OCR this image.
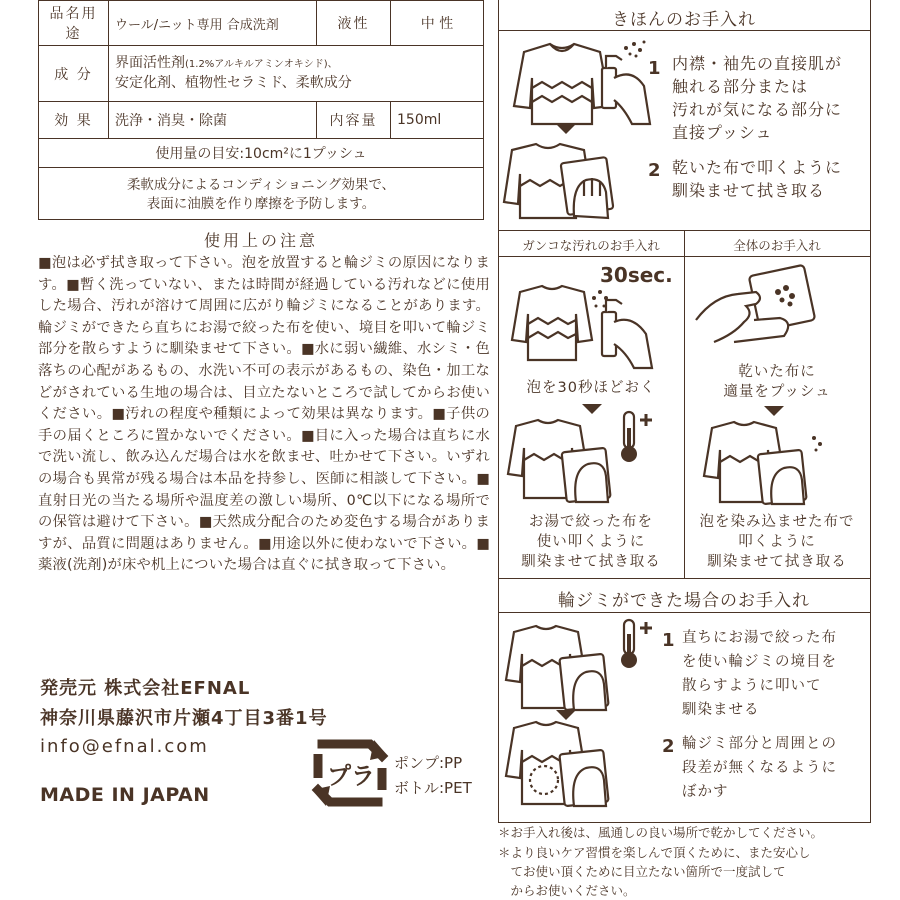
品名用途	ウール/ニット専用 合成洗剤	液性	中 性
成 分	界面活性剤(1.2%アルキルアミンオキシド)、
安定化剤、植物性セラミド、柔軟成分		
効 果	洗浄・消臭・除菌	内容量	150ml
使用量の目安:10cm²に1プッシュ			
柔軟成分によるコンディショニング効果で、
表面に油膜を作り摩擦を予防します。			
使用上の注意
■泡は必ず拭き取って下さい。泡を放置すると輪ジミの原因になります。■暫く洗っていない、または時間が経過している汚れなどに使用した場合、汚れが溶けて周囲に広がり輪ジミになることがあります。輪ジミができたら直ちにお湯で絞った布を使い、境目を叩いて輪ジミ部分を散らすように馴染ませて下さい。■水に弱い繊維、水シミ・色落ちの心配があるもの、水洗い不可の表示があるもの、染色・加工などがされている生地の場合は、目立たないところで試してからお使いください。■汚れの程度や種類によって効果は異なります。■子供の手の届くところに置かないでください。■目に入った場合は直ちに水で洗い流し、飲み込んだ場合は水を飲ませ、吐かせて下さい。いずれの場合も異常が残る場合は本品を持参し、医師に相談して下さい。■直射日光の当たる場所や温度差の激しい場所、0℃以下になる場所での保管は避けて下さい。■天然成分配合のため変色する場合がありますが、品質に問題はありません。■用途以外に使わないで下さい。■薬液(洗剤)が床や机上についた場合は直ぐに拭き取って下さい。
発売元 株式会社EFNAL
神奈川県藤沢市片瀬4丁目3番1号
info@efnal.com
MADE IN JAPAN
プラ ポンプ:PP
ボトル:PET
きほんのお手入れ
1 内襟・袖先の直接肌が
触れる部分または
汚れが気になる部分に
直接プッシュ
2 乾いた布で叩くように
馴染ませて拭き取る
ガンコな汚れのお手入れ	全体のお手入れ
30sec.
泡を30秒ほどおく
お湯で絞った布を
使い叩くように
馴染ませて拭き取る
乾いた布に
適量をプッシュ
泡を染み込ませた布で
叩くように
馴染ませて拭き取る
輪ジミができた場合のお手入れ
1 直ちにお湯で絞った布
を使い輪ジミの境目を
散らすように叩いて
馴染ませる
2 輪ジミ部分と周囲との
段差が無くなるように
ぼかす
＊お手入れ後は、風通しの良い場所で乾かしてください。
＊より良いケア習慣を楽しんで頂くために、また安心し
　てお使い頂くために目立たない箇所で一度試して
　からお使いください。
